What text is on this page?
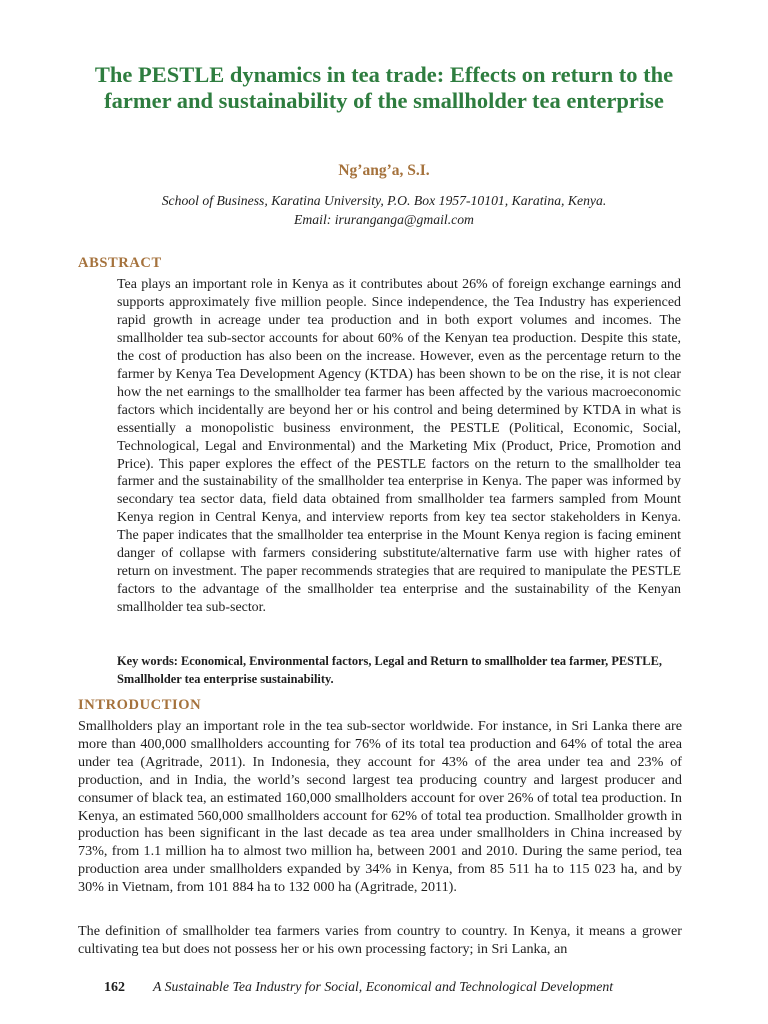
The PESTLE dynamics in tea trade: Effects on return to the farmer and sustainability of the smallholder tea enterprise

Ng’ang’a, S.I.

School of Business, Karatina University, P.O. Box 1957-10101, Karatina, Kenya.
Email: iruranganga@gmail.com
ABSTRACT

Tea plays an important role in Kenya as it contributes about 26% of foreign exchange earnings and supports approximately five million people. Since independence, the Tea Industry has experienced rapid growth in acreage under tea production and in both export volumes and incomes. The smallholder tea sub-sector accounts for about 60% of the Kenyan tea production. Despite this state, the cost of production has also been on the increase. However, even as the percentage return to the farmer by Kenya Tea Development Agency (KTDA) has been shown to be on the rise, it is not clear how the net earnings to the smallholder tea farmer has been affected by the various macroeconomic factors which incidentally are beyond her or his control and being determined by KTDA in what is essentially a monopolistic business environment, the PESTLE (Political, Economic, Social, Technological, Legal and Environmental) and the Marketing Mix (Product, Price, Promotion and Price). This paper explores the effect of the PESTLE factors on the return to the smallholder tea farmer and the sustainability of the smallholder tea enterprise in Kenya. The paper was informed by secondary tea sector data, field data obtained from smallholder tea farmers sampled from Mount Kenya region in Central Kenya, and interview reports from key tea sector stakeholders in Kenya. The paper indicates that the smallholder tea enterprise in the Mount Kenya region is facing eminent danger of collapse with farmers considering substitute/alternative farm use with higher rates of return on investment. The paper recommends strategies that are required to manipulate the PESTLE factors to the advantage of the smallholder tea enterprise and the sustainability of the Kenyan smallholder tea sub-sector.

Key words: Economical, Environmental factors, Legal and Return to smallholder tea farmer, PESTLE, Smallholder tea enterprise sustainability.

INTRODUCTION

Smallholders play an important role in the tea sub-sector worldwide. For instance, in Sri Lanka there are more than 400,000 smallholders accounting for 76% of its total tea production and 64% of total the area under tea (Agritrade, 2011). In Indonesia, they account for 43% of the area under tea and 23% of production, and in India, the world’s second largest tea producing country and largest producer and consumer of black tea, an estimated 160,000 smallholders account for over 26% of total tea production. In Kenya, an estimated 560,000 smallholders account for 62% of total tea production. Smallholder growth in production has been significant in the last decade as tea area under smallholders in China increased by 73%, from 1.1 million ha to almost two million ha, between 2001 and 2010. During the same period, tea production area under smallholders expanded by 34% in Kenya, from 85 511 ha to 115 023 ha, and by 30% in Vietnam, from 101 884 ha to 132 000 ha (Agritrade, 2011).

The definition of smallholder tea farmers varies from country to country. In Kenya, it means a grower cultivating tea but does not possess her or his own processing factory; in Sri Lanka, an

162 A Sustainable Tea Industry for Social, Economical and Technological Development
